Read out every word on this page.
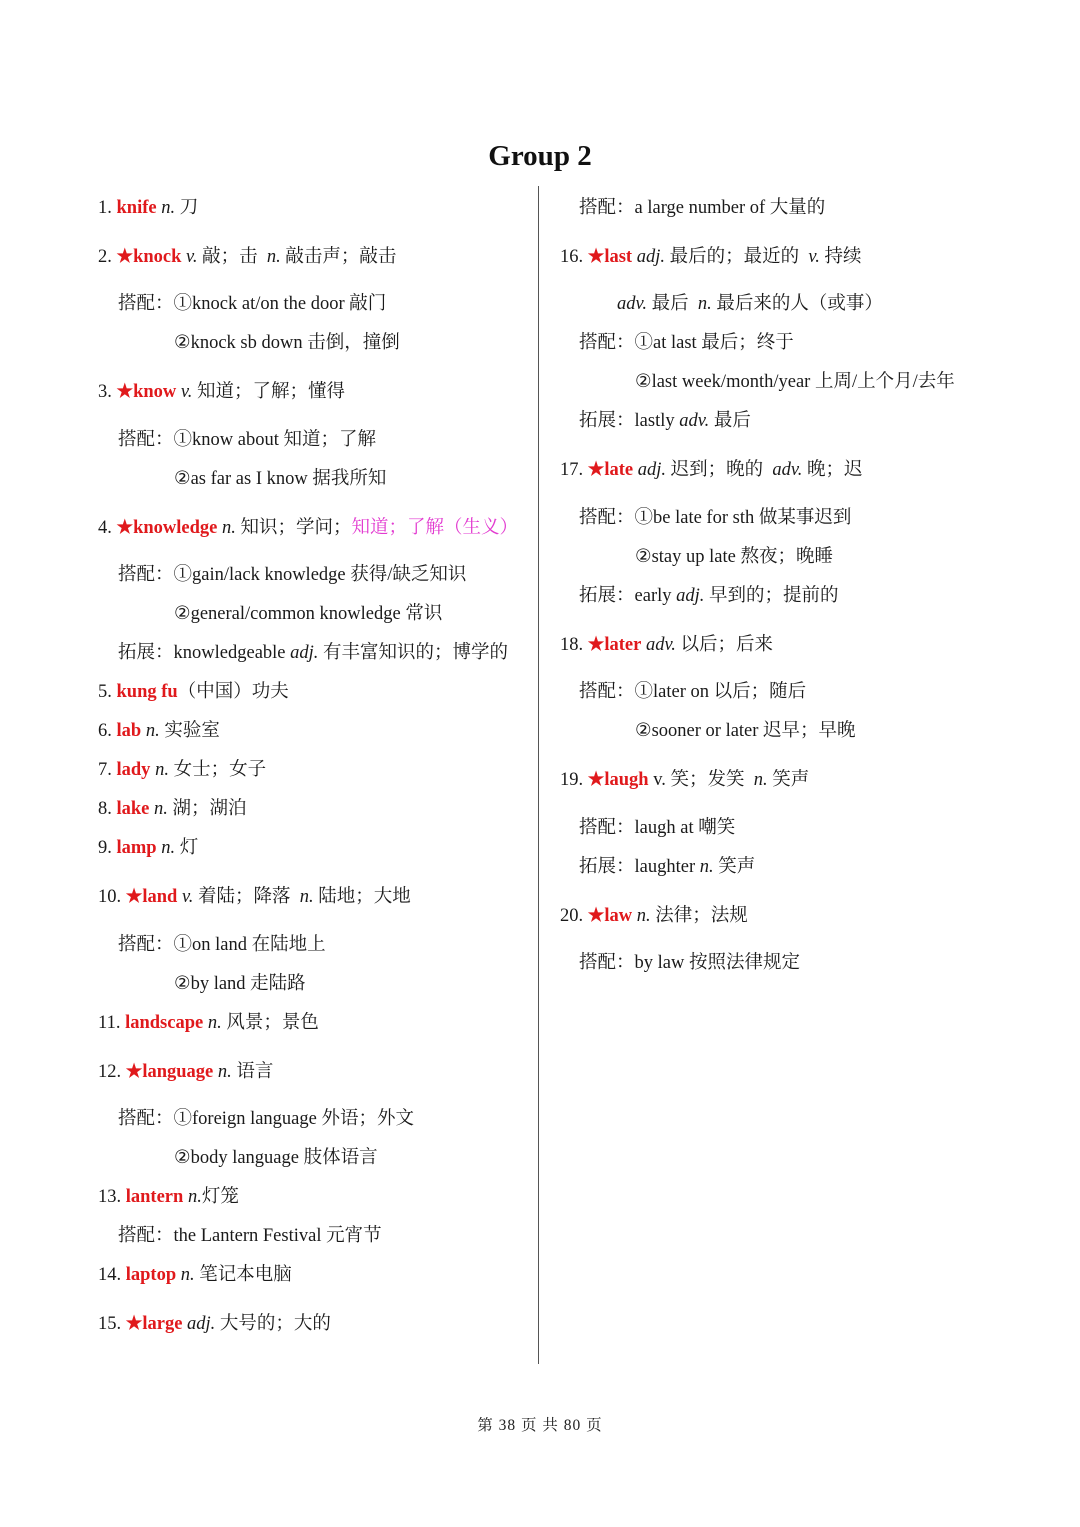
Group 2
1. knife n. 刀
2. ★knock v. 敲；击 n. 敲击声；敲击
搭配：①knock at/on the door 敲门
②knock sb down 击倒，撞倒
3. ★know v. 知道；了解；懂得
搭配：①know about 知道；了解
②as far as I know 据我所知
4. ★knowledge n. 知识；学问；知道；了解（生义）
搭配：①gain/lack knowledge 获得/缺乏知识
②general/common knowledge 常识
拓展：knowledgeable adj. 有丰富知识的；博学的
5. kung fu（中国）功夫
6. lab n. 实验室
7. lady n. 女士；女子
8. lake n. 湖；湖泊
9. lamp n. 灯
10. ★land v. 着陆；降落 n. 陆地；大地
搭配：①on land 在陆地上
②by land 走陆路
11. landscape n. 风景；景色
12. ★language n. 语言
搭配：①foreign language 外语；外文
②body language 肢体语言
13. lantern n.灯笼
搭配：the Lantern Festival 元宵节
14. laptop n. 笔记本电脑
15. ★large adj. 大号的；大的
搭配：a large number of 大量的
16. ★last adj. 最后的；最近的 v. 持续
adv. 最后 n. 最后来的人（或事）
搭配：①at last 最后；终于
②last week/month/year 上周/上个月/去年
拓展：lastly adv. 最后
17. ★late adj. 迟到；晚的 adv. 晚；迟
搭配：①be late for sth 做某事迟到
②stay up late 熬夜；晚睡
拓展：early adj. 早到的；提前的
18. ★later adv. 以后；后来
搭配：①later on 以后；随后
②sooner or later 迟早；早晚
19. ★laugh v. 笑；发笑 n. 笑声
搭配：laugh at 嘲笑
拓展：laughter n. 笑声
20. ★law n. 法律；法规
搭配：by law 按照法律规定
第 38 页 共 80 页
